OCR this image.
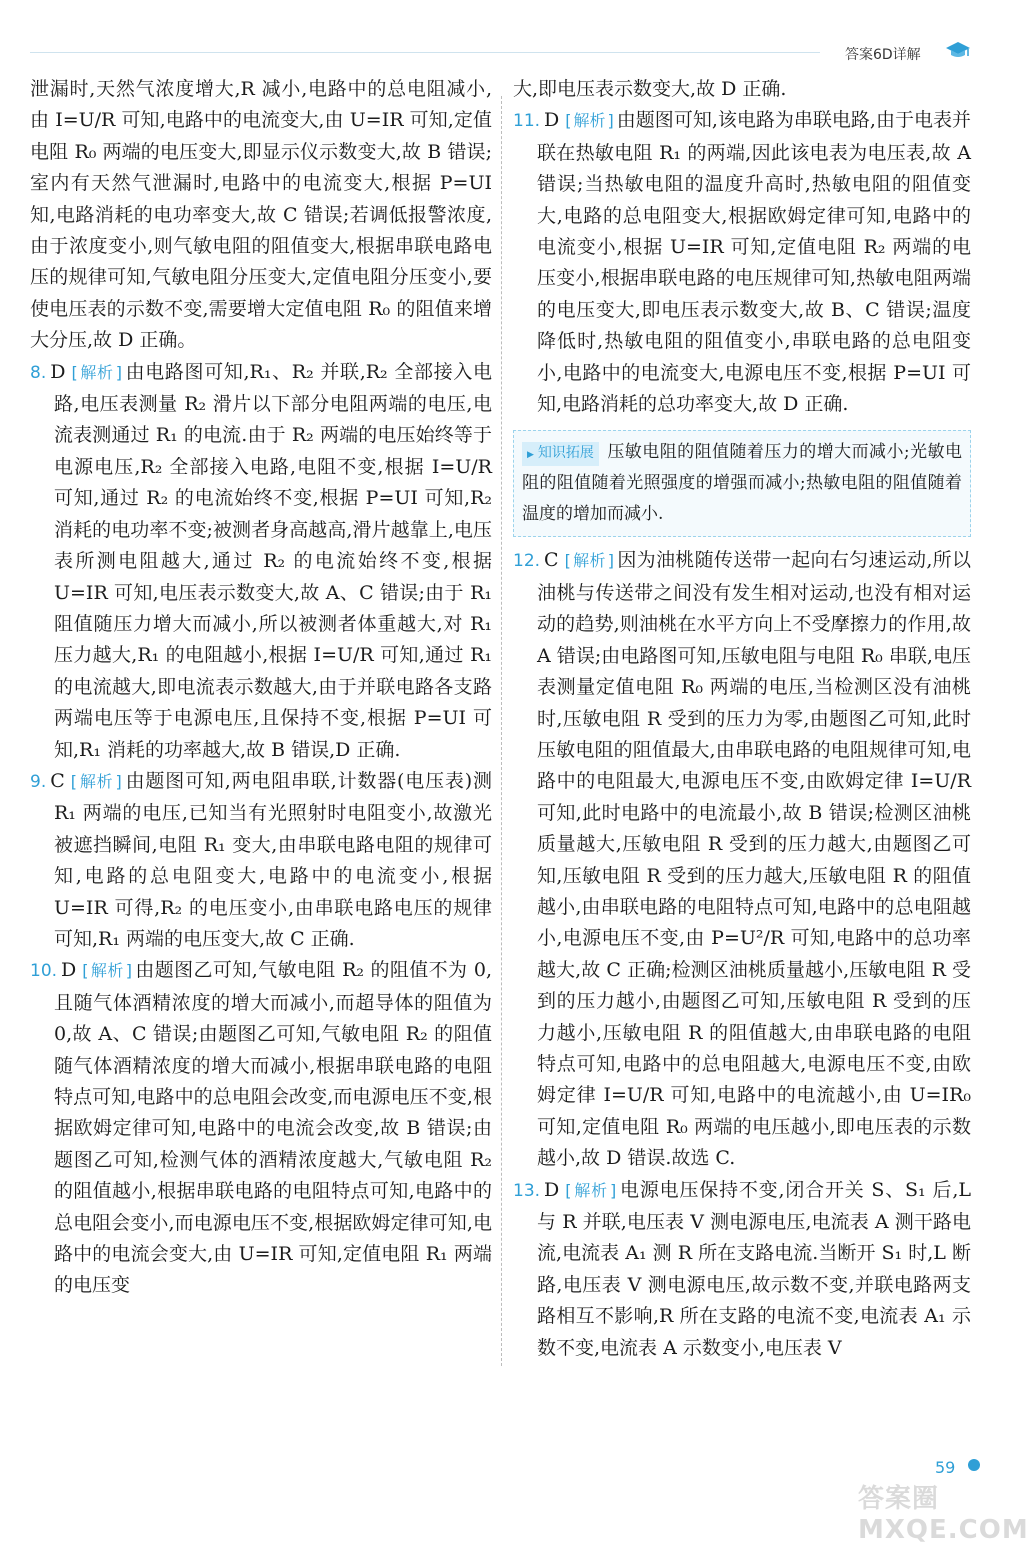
答案6D详解

泄漏时,天然气浓度增大,R 减小,电路中的总电阻减小,由 I=U/R 可知,电路中的电流变大,由 U=IR 可知,定值电阻 R₀ 两端的电压变大,即显示仪示数变大,故 B 错误;室内有天然气泄漏时,电路中的电流变大,根据 P=UI 知,电路消耗的电功率变大,故 C 错误;若调低报警浓度,由于浓度变小,则气敏电阻的阻值变大,根据串联电路电压的规律可知,气敏电阻分压变大,定值电阻分压变小,要使电压表的示数不变,需要增大定值电阻 R₀ 的阻值来增大分压,故 D 正确。

8. D [ 解析 ] 由电路图可知,R₁、R₂ 并联,R₂ 全部接入电路,电压表测量 R₂ 滑片以下部分电阻两端的电压,电流表测通过 R₁ 的电流.由于 R₂ 两端的电压始终等于电源电压,R₂ 全部接入电路,电阻不变,根据 I=U/R 可知,通过 R₂ 的电流始终不变,根据 P=UI 可知,R₂ 消耗的电功率不变;被测者身高越高,滑片越靠上,电压表所测电阻越大,通过 R₂ 的电流始终不变,根据 U=IR 可知,电压表示数变大,故 A、C 错误;由于 R₁ 阻值随压力增大而减小,所以被测者体重越大,对 R₁ 压力越大,R₁ 的电阻越小,根据 I=U/R 可知,通过 R₁ 的电流越大,即电流表示数越大,由于并联电路各支路两端电压等于电源电压,且保持不变,根据 P=UI 可知,R₁ 消耗的功率越大,故 B 错误,D 正确.

9. C [ 解析 ] 由题图可知,两电阻串联,计数器(电压表)测 R₁ 两端的电压,已知当有光照射时电阻变小,故激光被遮挡瞬间,电阻 R₁ 变大,由串联电路电阻的规律可知,电路的总电阻变大,电路中的电流变小,根据 U=IR 可得,R₂ 的电压变小,由串联电路电压的规律可知,R₁ 两端的电压变大,故 C 正确.

10. D [ 解析 ] 由题图乙可知,气敏电阻 R₂ 的阻值不为 0,且随气体酒精浓度的增大而减小,而超导体的阻值为 0,故 A、C 错误;由题图乙可知,气敏电阻 R₂ 的阻值随气体酒精浓度的增大而减小,根据串联电路的电阻特点可知,电路中的总电阻会改变,而电源电压不变,根据欧姆定律可知,电路中的电流会改变,故 B 错误;由题图乙可知,检测气体的酒精浓度越大,气敏电阻 R₂ 的阻值越小,根据串联电路的电阻特点可知,电路中的总电阻会变小,而电源电压不变,根据欧姆定律可知,电路中的电流会变大,由 U=IR 可知,定值电阻 R₁ 两端的电压变

大,即电压表示数变大,故 D 正确.

11. D [ 解析 ] 由题图可知,该电路为串联电路,由于电表并联在热敏电阻 R₁ 的两端,因此该电表为电压表,故 A 错误;当热敏电阻的温度升高时,热敏电阻的阻值变大,电路的总电阻变大,根据欧姆定律可知,电路中的电流变小,根据 U=IR 可知,定值电阻 R₂ 两端的电压变小,根据串联电路的电压规律可知,热敏电阻两端的电压变大,即电压表示数变大,故 B、C 错误;温度降低时,热敏电阻的阻值变小,串联电路的总电阻变小,电路中的电流变大,电源电压不变,根据 P=UI 可知,电路消耗的总功率变大,故 D 正确.

▶ 知识拓展 压敏电阻的阻值随着压力的增大而减小;光敏电阻的阻值随着光照强度的增强而减小;热敏电阻的阻值随着温度的增加而减小.

12. C [ 解析 ] 因为油桃随传送带一起向右匀速运动,所以油桃与传送带之间没有发生相对运动,也没有相对运动的趋势,则油桃在水平方向上不受摩擦力的作用,故 A 错误;由电路图可知,压敏电阻与电阻 R₀ 串联,电压表测量定值电阻 R₀ 两端的电压,当检测区没有油桃时,压敏电阻 R 受到的压力为零,由题图乙可知,此时压敏电阻的阻值最大,由串联电路的电阻规律可知,电路中的电阻最大,电源电压不变,由欧姆定律 I=U/R 可知,此时电路中的电流最小,故 B 错误;检测区油桃质量越大,压敏电阻 R 受到的压力越大,由题图乙可知,压敏电阻 R 受到的压力越大,压敏电阻 R 的阻值越小,由串联电路的电阻特点可知,电路中的总电阻越小,电源电压不变,由 P=U²/R 可知,电路中的总功率越大,故 C 正确;检测区油桃质量越小,压敏电阻 R 受到的压力越小,由题图乙可知,压敏电阻 R 受到的压力越小,压敏电阻 R 的阻值越大,由串联电路的电阻特点可知,电路中的总电阻越大,电源电压不变,由欧姆定律 I=U/R 可知,电路中的电流越小,由 U=IR₀ 可知,定值电阻 R₀ 两端的电压越小,即电压表的示数越小,故 D 错误.故选 C.

13. D [ 解析 ] 电源电压保持不变,闭合开关 S、S₁ 后,L 与 R 并联,电压表 V 测电源电压,电流表 A 测干路电流,电流表 A₁ 测 R 所在支路电流.当断开 S₁ 时,L 断路,电压表 V 测电源电压,故示数不变,并联电路两支路相互不影响,R 所在支路的电流不变,电流表 A₁ 示数不变,电流表 A 示数变小,电压表 V

59
答案圈 MXQE.COM
